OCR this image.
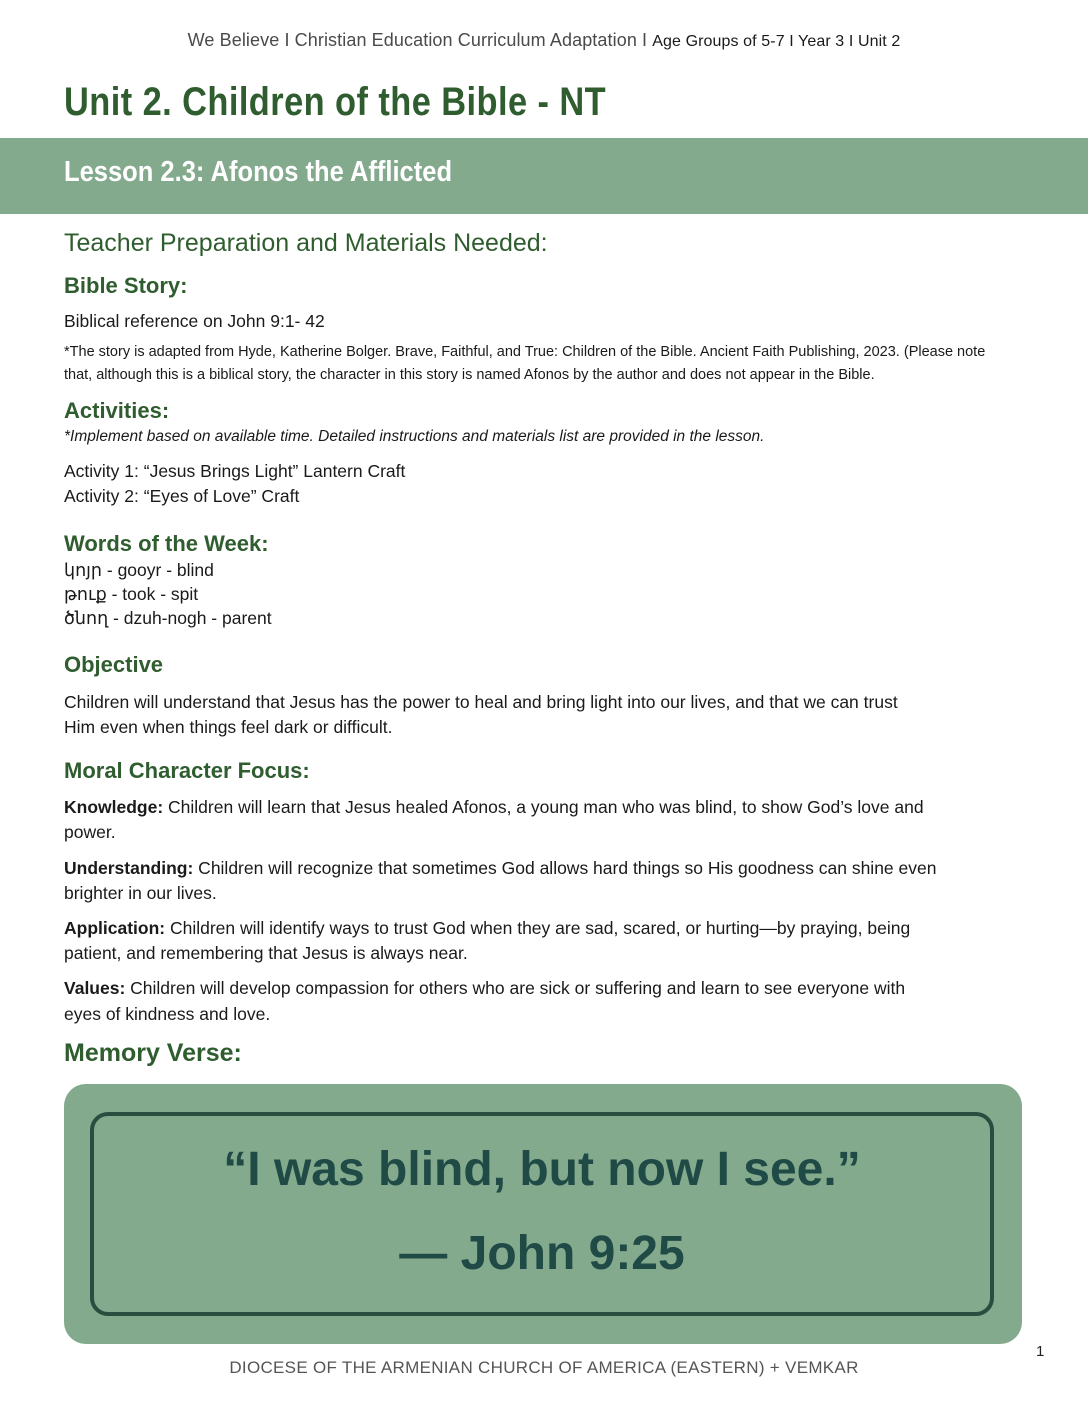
We Believe I Christian Education Curriculum Adaptation I Age Groups of 5-7 I Year 3 I Unit 2
Unit 2. Children of the Bible - NT
Lesson 2.3: Afonos the Afflicted
Teacher Preparation and Materials Needed:
Bible Story:
Biblical reference on John 9:1- 42
*The story is adapted from Hyde, Katherine Bolger. Brave, Faithful, and True: Children of the Bible. Ancient Faith Publishing, 2023. (Please note
that, although this is a biblical story, the character in this story is named Afonos by the author and does not appear in the Bible.
Activities:
*Implement based on available time. Detailed instructions and materials list are provided in the lesson.
Activity 1: “Jesus Brings Light” Lantern Craft
Activity 2: “Eyes of Love” Craft
Words of the Week:
կոյր - gooyr - blind
թուք - took - spit
ծնող - dzuh-nogh - parent
Objective
Children will understand that Jesus has the power to heal and bring light into our lives, and that we can trust
Him even when things feel dark or difficult.
Moral Character Focus:
Knowledge: Children will learn that Jesus healed Afonos, a young man who was blind, to show God’s love and
power.
Understanding: Children will recognize that sometimes God allows hard things so His goodness can shine even
brighter in our lives.
Application: Children will identify ways to trust God when they are sad, scared, or hurting—by praying, being
patient, and remembering that Jesus is always near.
Values: Children will develop compassion for others who are sick or suffering and learn to see everyone with
eyes of kindness and love.
Memory Verse:
“I was blind, but now I see.”
— John 9:25
1
DIOCESE OF THE ARMENIAN CHURCH OF AMERICA (EASTERN) + VEMKAR
